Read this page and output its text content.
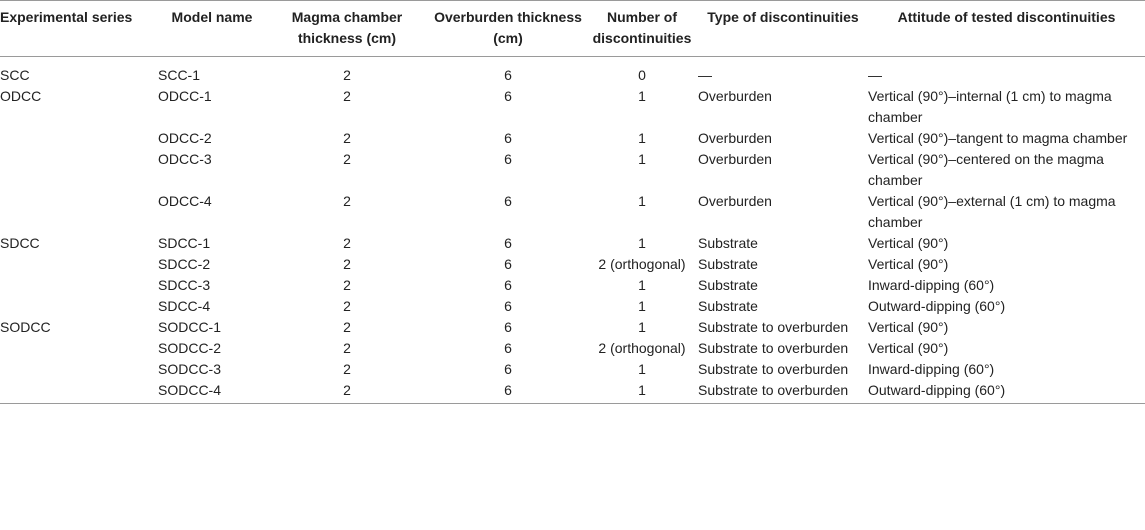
Experimental series	Model name	Magma chamber thickness (cm)	Overburden thickness (cm)	Number of discontinuities	Type of discontinuities	Attitude of tested discontinuities
SCC	SCC-1	2	6	0	—	—
ODCC	ODCC-1	2	6	1	Overburden	Vertical (90°)–internal (1 cm) to magma chamber
	ODCC-2	2	6	1	Overburden	Vertical (90°)–tangent to magma chamber
	ODCC-3	2	6	1	Overburden	Vertical (90°)–centered on the magma chamber
	ODCC-4	2	6	1	Overburden	Vertical (90°)–external (1 cm) to magma chamber
SDCC	SDCC-1	2	6	1	Substrate	Vertical (90°)
	SDCC-2	2	6	2 (orthogonal)	Substrate	Vertical (90°)
	SDCC-3	2	6	1	Substrate	Inward-dipping (60°)
	SDCC-4	2	6	1	Substrate	Outward-dipping (60°)
SODCC	SODCC-1	2	6	1	Substrate to overburden	Vertical (90°)
	SODCC-2	2	6	2 (orthogonal)	Substrate to overburden	Vertical (90°)
	SODCC-3	2	6	1	Substrate to overburden	Inward-dipping (60°)
	SODCC-4	2	6	1	Substrate to overburden	Outward-dipping (60°)
